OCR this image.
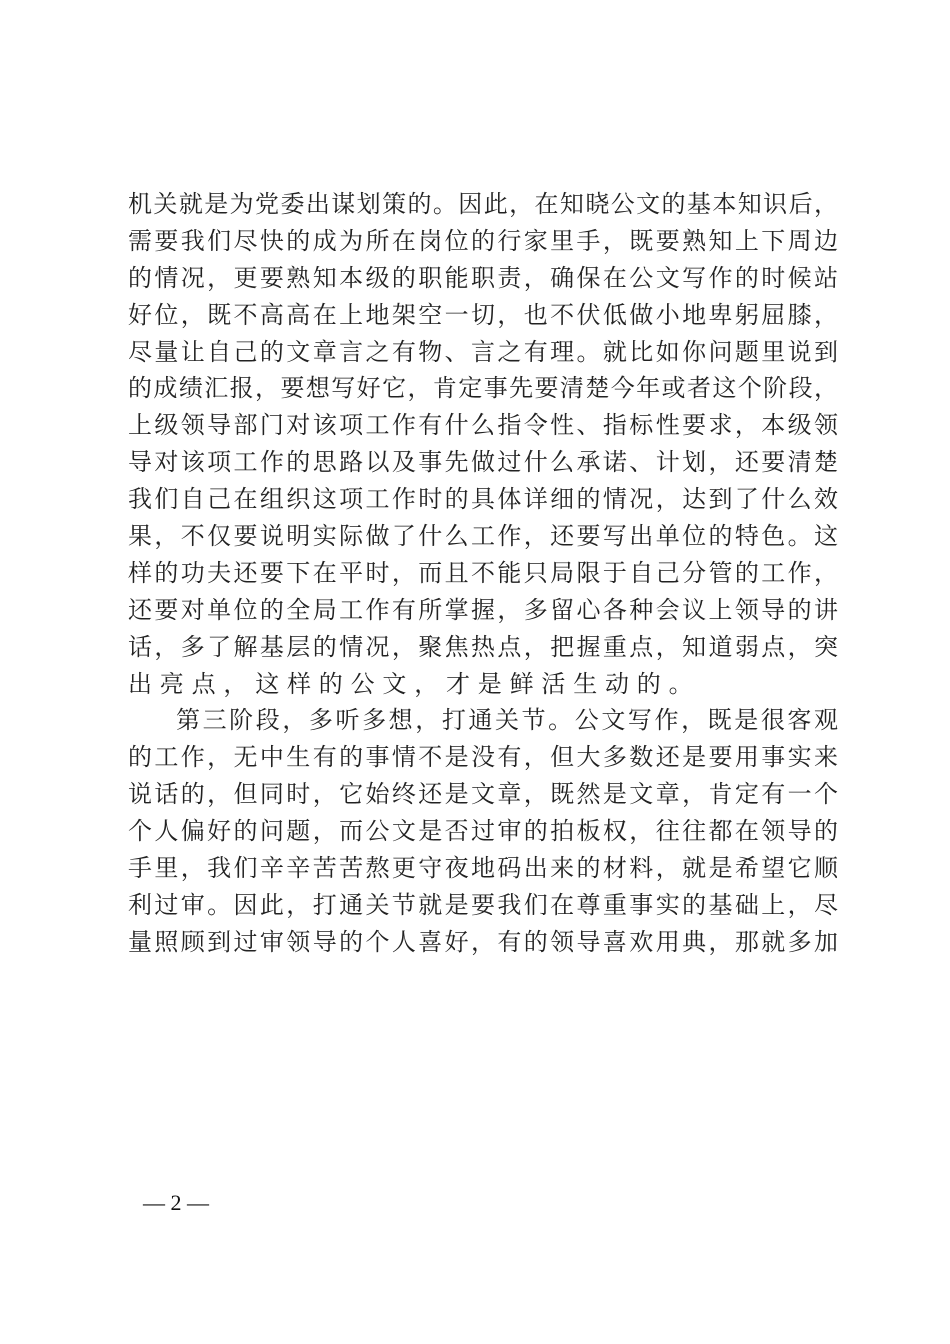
机关就是为党委出谋划策的。因此，在知晓公文的基本知识后，
需要我们尽快的成为所在岗位的行家里手，既要熟知上下周边
的情况，更要熟知本级的职能职责，确保在公文写作的时候站
好位，既不高高在上地架空一切，也不伏低做小地卑躬屈膝，
尽量让自己的文章言之有物、言之有理。就比如你问题里说到
的成绩汇报，要想写好它，肯定事先要清楚今年或者这个阶段，
上级领导部门对该项工作有什么指令性、指标性要求，本级领
导对该项工作的思路以及事先做过什么承诺、计划，还要清楚
我们自己在组织这项工作时的具体详细的情况，达到了什么效
果，不仅要说明实际做了什么工作，还要写出单位的特色。这
样的功夫还要下在平时，而且不能只局限于自己分管的工作，
还要对单位的全局工作有所掌握，多留心各种会议上领导的讲
话，多了解基层的情况，聚焦热点，把握重点，知道弱点，突
出亮点，这样的公文，才是鲜活生动的。
第三阶段，多听多想，打通关节。公文写作，既是很客观
的工作，无中生有的事情不是没有，但大多数还是要用事实来
说话的，但同时，它始终还是文章，既然是文章，肯定有一个
个人偏好的问题，而公文是否过审的拍板权，往往都在领导的
手里，我们辛辛苦苦熬更守夜地码出来的材料，就是希望它顺
利过审。因此，打通关节就是要我们在尊重事实的基础上，尽
量照顾到过审领导的个人喜好，有的领导喜欢用典，那就多加
— 2 —
